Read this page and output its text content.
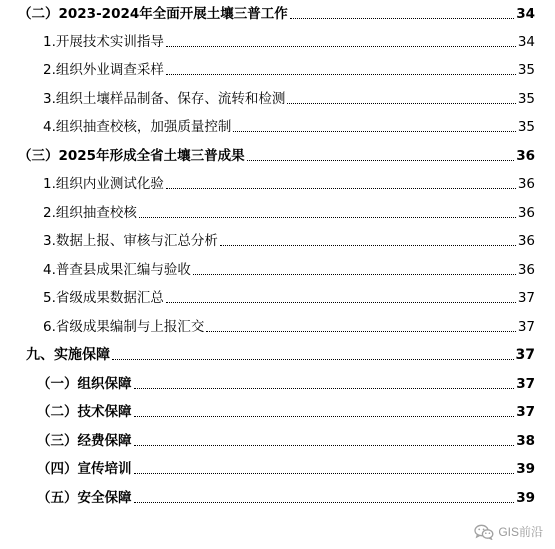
（二）2023-2024年全面开展土壤三普工作	34
1.开展技术实训指导	34
2.组织外业调查采样	35
3.组织土壤样品制备、保存、流转和检测	35
4.组织抽查校核，加强质量控制	35
（三）2025年形成全省土壤三普成果	36
1.组织内业测试化验	36
2.组织抽查校核	36
3.数据上报、审核与汇总分析	36
4.普查县成果汇编与验收	36
5.省级成果数据汇总	37
6.省级成果编制与上报汇交	37
九、实施保障	37
（一）组织保障	37
（二）技术保障	37
（三）经费保障	38
（四）宣传培训	39
（五）安全保障	39
GIS前沿
